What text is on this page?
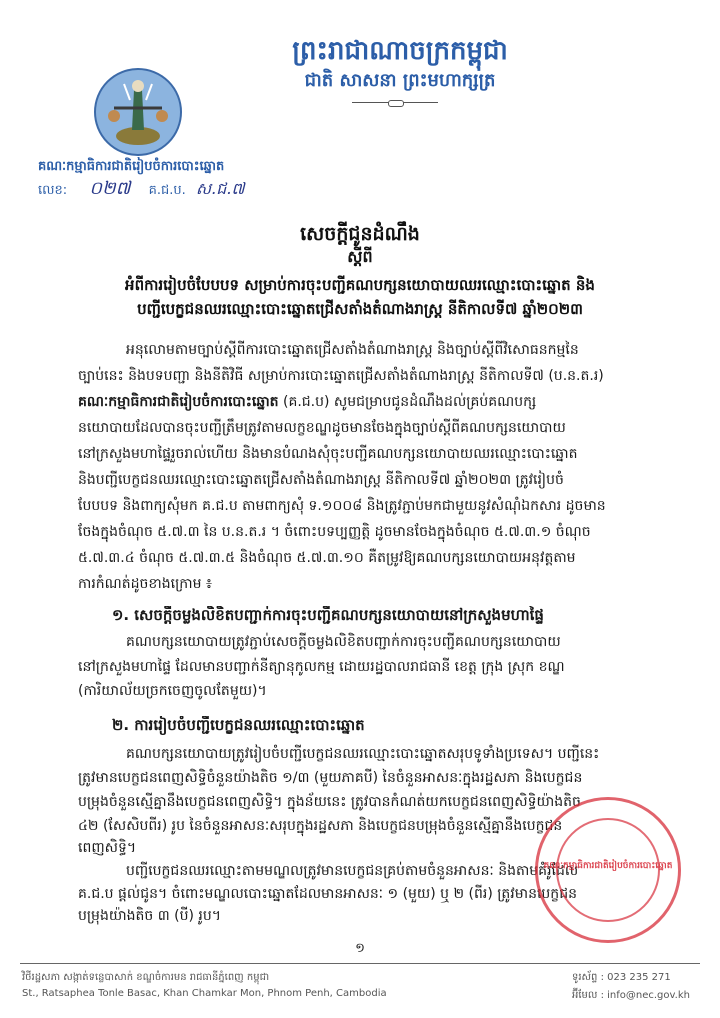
ព្រះរាជាណាចក្រកម្ពុជា
ជាតិ សាសនា ព្រះមហាក្សត្រ
គណៈកម្មាធិការជាតិរៀបចំការបោះឆ្នោត
លេខ: ០២៧ គ.ជ.ប. ស.ជ.៧
សេចក្តីជូនដំណឹង
ស្តីពី
អំពីការរៀបចំបែបបទ សម្រាប់ការចុះបញ្ជីគណបក្សនយោបាយឈរឈ្មោះបោះឆ្នោត និង
បញ្ជីបេក្ខជនឈរឈ្មោះបោះឆ្នោតជ្រើសតាំងតំណាងរាស្ត្រ នីតិកាលទី៧ ឆ្នាំ២០២៣
អនុលោមតាមច្បាប់ស្តីពីការបោះឆ្នោតជ្រើសតាំងតំណាងរាស្ត្រ និងច្បាប់ស្តីពីវិសោធនកម្មនៃ
ច្បាប់នេះ និងបទបញ្ជា និងនីតិវិធី សម្រាប់ការបោះឆ្នោតជ្រើសតាំងតំណាងរាស្ត្រ នីតិកាលទី៧ (ប.ន.ត.រ)
គណៈកម្មាធិការជាតិរៀបចំការបោះឆ្នោត (គ.ជ.ប) សូមជម្រាបជូនដំណឹងដល់គ្រប់គណបក្ស
នយោបាយដែលបានចុះបញ្ជីត្រឹមត្រូវតាមលក្ខខណ្ឌដូចមានចែងក្នុងច្បាប់ស្តីពីគណបក្សនយោបាយ
នៅក្រសួងមហាផ្ទៃរួចរាល់ហើយ និងមានបំណងសុំចុះបញ្ជីគណបក្សនយោបាយឈរឈ្មោះបោះឆ្នោត
និងបញ្ជីបេក្ខជនឈរឈ្មោះបោះឆ្នោតជ្រើសតាំងតំណាងរាស្ត្រ នីតិកាលទី៧ ឆ្នាំ២០២៣ ត្រូវរៀបចំ
បែបបទ និងពាក្យសុំមក គ.ជ.ប តាមពាក្យសុំ ទ.១០០៨ និងត្រូវភ្ជាប់មកជាមួយនូវសំណុំឯកសារ ដូចមាន
ចែងក្នុងចំណុច ៥.៧.៣ នៃ ប.ន.ត.រ ។ ចំពោះបទប្បញ្ញត្តិ ដូចមានចែងក្នុងចំណុច ៥.៧.៣.១ ចំណុច
៥.៧.៣.៤ ចំណុច ៥.៧.៣.៥ និងចំណុច ៥.៧.៣.១០ គឺតម្រូវឱ្យគណបក្សនយោបាយអនុវត្តតាម
ការកំណត់ដូចខាងក្រោម ៖
១. សេចក្តីចម្លងលិខិតបញ្ជាក់ការចុះបញ្ជីគណបក្សនយោបាយនៅក្រសួងមហាផ្ទៃ
គណបក្សនយោបាយត្រូវភ្ជាប់សេចក្តីចម្លងលិខិតបញ្ជាក់ការចុះបញ្ជីគណបក្សនយោបាយ
នៅក្រសួងមហាផ្ទៃ ដែលមានបញ្ជាក់នីត្យានុកូលកម្ម ដោយរដ្ឋបាលរាជធានី ខេត្ត ក្រុង ស្រុក ខណ្ឌ
(ការិយាល័យច្រកចេញចូលតែមួយ)។
២. ការរៀបចំបញ្ជីបេក្ខជនឈរឈ្មោះបោះឆ្នោត
គណបក្សនយោបាយត្រូវរៀបចំបញ្ជីបេក្ខជនឈរឈ្មោះបោះឆ្នោតសរុបទូទាំងប្រទេស។ បញ្ជីនេះ
ត្រូវមានបេក្ខជនពេញសិទ្ធិចំនួនយ៉ាងតិច ១/៣ (មួយភាគបី) នៃចំនួនអាសនៈក្នុងរដ្ឋសភា និងបេក្ខជន
បម្រុងចំនួនស្មើគ្នានឹងបេក្ខជនពេញសិទ្ធិ។ ក្នុងន័យនេះ ត្រូវបានកំណត់យកបេក្ខជនពេញសិទ្ធិយ៉ាងតិច
៤២ (សែសិបពីរ) រូប នៃចំនួនអាសនៈសរុបក្នុងរដ្ឋសភា និងបេក្ខជនបម្រុងចំនួនស្មើគ្នានឹងបេក្ខជន
ពេញសិទ្ធិ។
បញ្ជីបេក្ខជនឈរឈ្មោះតាមមណ្ឌលត្រូវមានបេក្ខជនគ្រប់តាមចំនួនអាសនៈ និងតាមគំរូដែល
គ.ជ.ប ផ្តល់ជូន។ ចំពោះមណ្ឌលបោះឆ្នោតដែលមានអាសនៈ ១ (មួយ) ឬ ២ (ពីរ) ត្រូវមានបេក្ខជន
បម្រុងយ៉ាងតិច ៣ (បី) រូប។
គណៈកម្មាធិការជាតិរៀបចំការបោះឆ្នោត
១
វិថីរដ្ឋសភា សង្កាត់ទន្លេបាសាក់ ខណ្ឌចំការមន រាជធានីភ្នំពេញ កម្ពុជា
St., Ratsaphea Tonle Basac, Khan Chamkar Mon, Phnom Penh, Cambodia
ទូរស័ព្ទ : 023 235 271
អ៊ីមែល : info@nec.gov.kh
